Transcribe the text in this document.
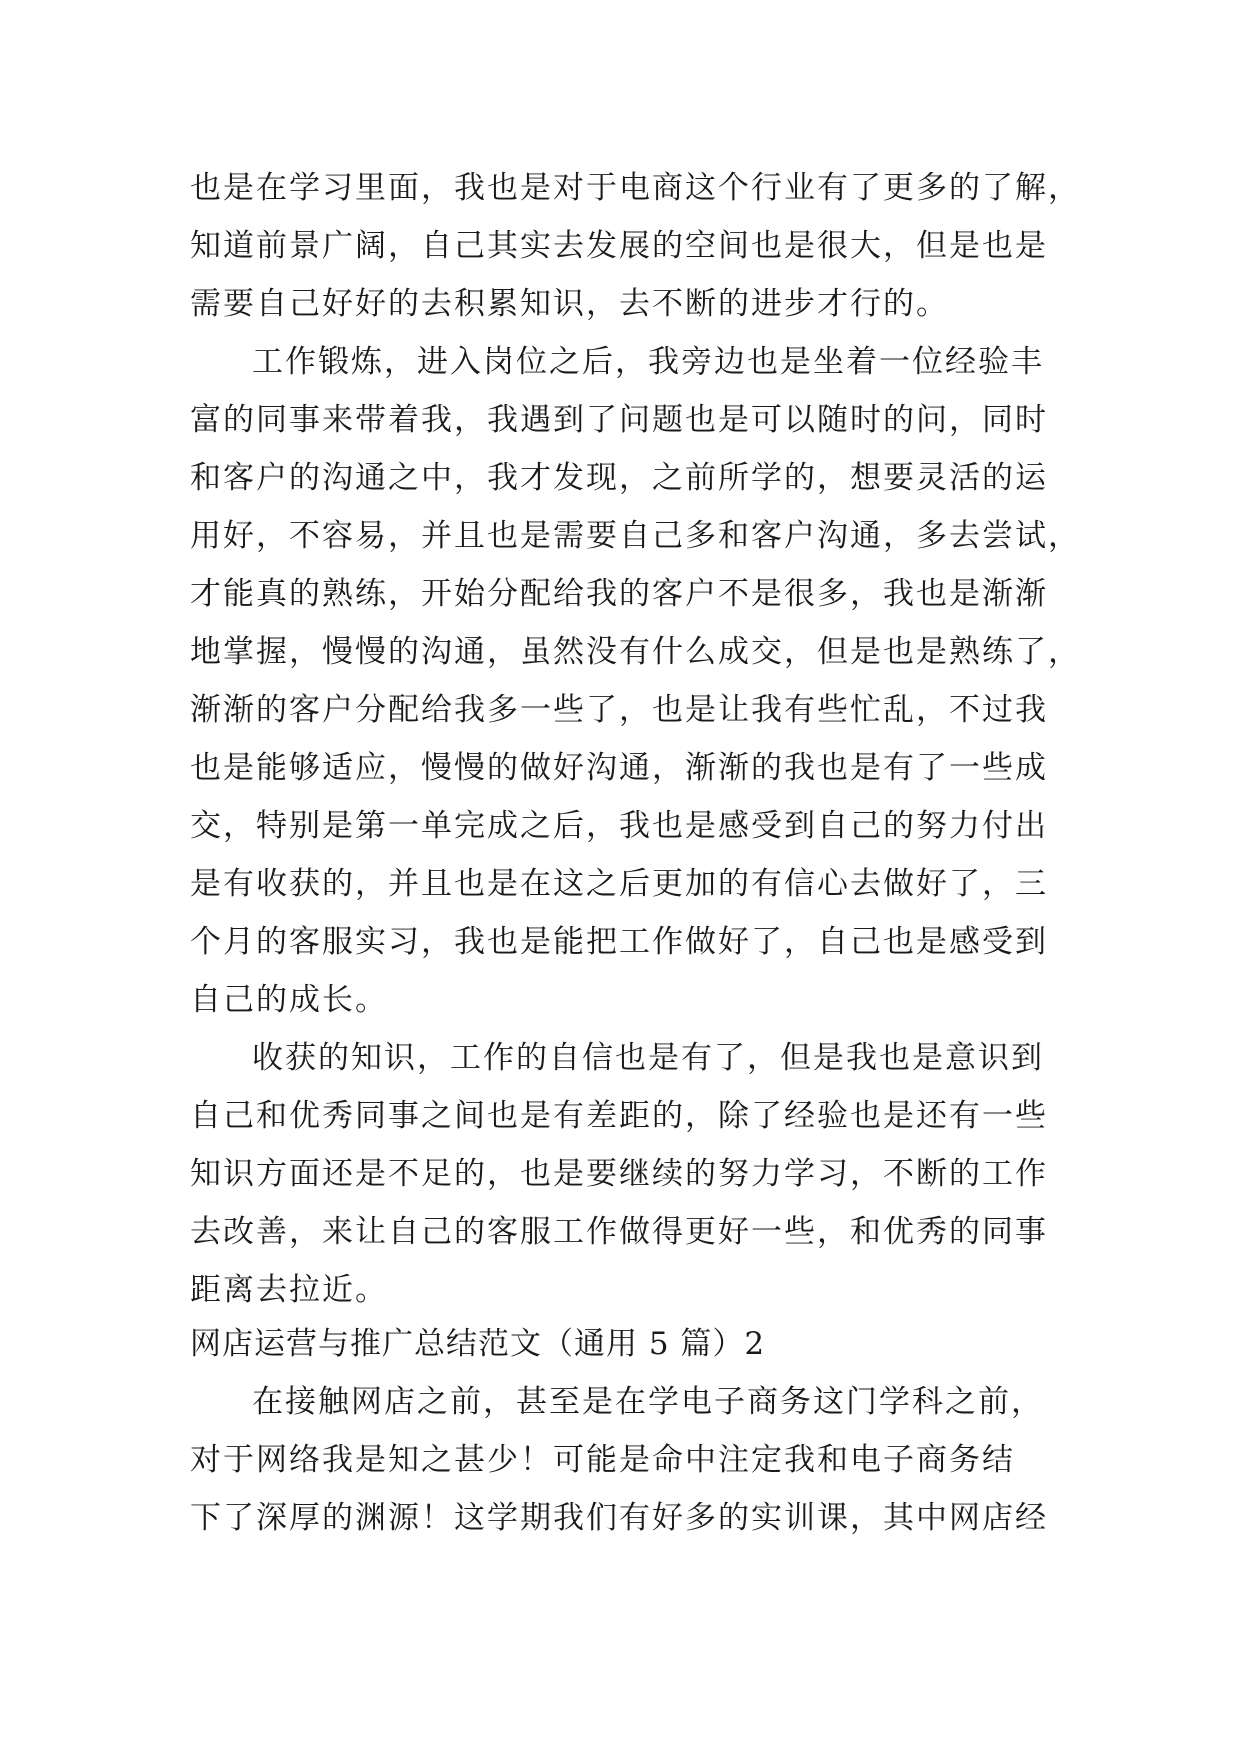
也是在学习里面，我也是对于电商这个行业有了更多的了解，
知道前景广阔，自己其实去发展的空间也是很大，但是也是
需要自己好好的去积累知识，去不断的进步才行的。
工作锻炼，进入岗位之后，我旁边也是坐着一位经验丰
富的同事来带着我，我遇到了问题也是可以随时的问，同时
和客户的沟通之中，我才发现，之前所学的，想要灵活的运
用好，不容易，并且也是需要自己多和客户沟通，多去尝试，
才能真的熟练，开始分配给我的客户不是很多，我也是渐渐
地掌握，慢慢的沟通，虽然没有什么成交，但是也是熟练了，
渐渐的客户分配给我多一些了，也是让我有些忙乱，不过我
也是能够适应，慢慢的做好沟通，渐渐的我也是有了一些成
交，特别是第一单完成之后，我也是感受到自己的努力付出
是有收获的，并且也是在这之后更加的有信心去做好了，三
个月的客服实习，我也是能把工作做好了，自己也是感受到
自己的成长。
收获的知识，工作的自信也是有了，但是我也是意识到
自己和优秀同事之间也是有差距的，除了经验也是还有一些
知识方面还是不足的，也是要继续的努力学习，不断的工作
去改善，来让自己的客服工作做得更好一些，和优秀的同事
距离去拉近。
网店运营与推广总结范文（通用 5 篇）2
在接触网店之前，甚至是在学电子商务这门学科之前，
对于网络我是知之甚少！可能是命中注定我和电子商务结
下了深厚的渊源！这学期我们有好多的实训课，其中网店经
